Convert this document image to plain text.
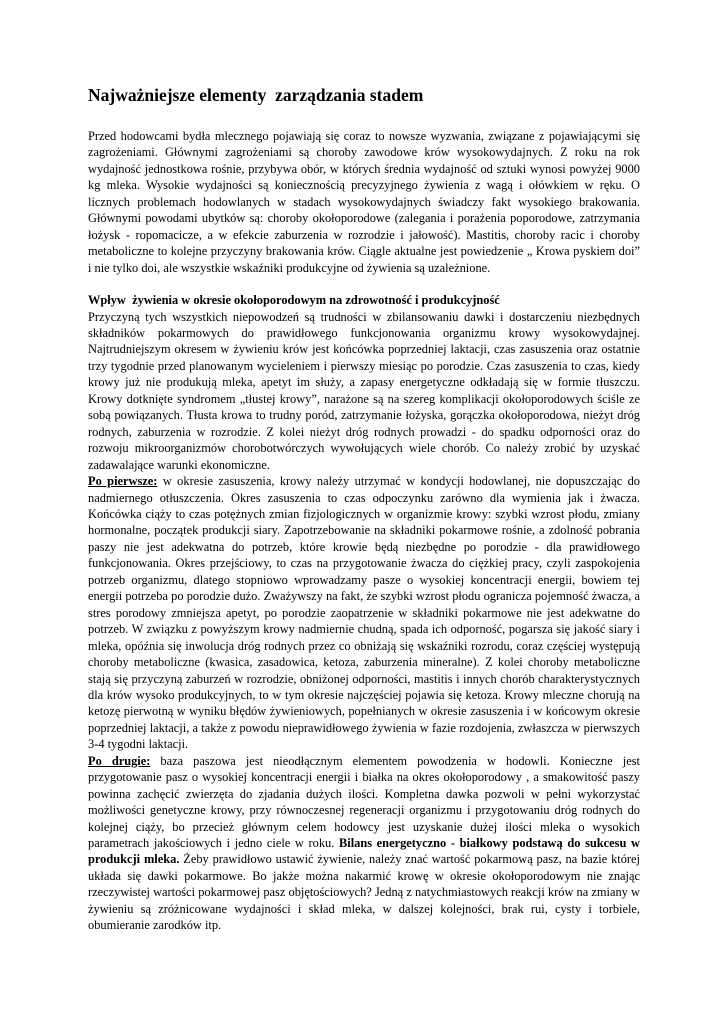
Najważniejsze elementy  zarządzania stadem

Przed hodowcami bydła mlecznego pojawiają się coraz to nowsze wyzwania, związane z pojawiającymi się zagrożeniami. Głównymi zagrożeniami są choroby zawodowe krów wysokowydajnych. Z roku na rok wydajność jednostkowa rośnie, przybywa obór, w których średnia wydajność od sztuki wynosi powyżej 9000 kg mleka. Wysokie wydajności są koniecznością precyzyjnego żywienia z wagą i ołówkiem w ręku. O licznych problemach hodowlanych w stadach wysokowydajnych świadczy fakt wysokiego brakowania. Głównymi powodami ubytków są: choroby okołoporodowe (zalegania i porażenia poporodowe, zatrzymania łożysk - ropomacicze, a w efekcie zaburzenia w rozrodzie i jałowość). Mastitis, choroby racic i choroby metaboliczne to kolejne przyczyny brakowania krów. Ciągle aktualne jest powiedzenie „ Krowa pyskiem doi” i nie tylko doi, ale wszystkie wskaźniki produkcyjne od żywienia są uzależnione.

Wpływ  żywienia w okresie okołoporodowym na zdrowotność i produkcyjność

Przyczyną tych wszystkich niepowodzeń są trudności w zbilansowaniu dawki i dostarczeniu niezbędnych składników pokarmowych do prawidłowego funkcjonowania organizmu krowy wysokowydajnej. Najtrudniejszym okresem w żywieniu krów jest końcówka poprzedniej laktacji, czas zasuszenia oraz ostatnie trzy tygodnie przed planowanym wycieleniem i pierwszy miesiąc po porodzie. Czas zasuszenia to czas, kiedy krowy już nie produkują mleka, apetyt im służy, a zapasy energetyczne odkładają się w formie tłuszczu. Krowy dotknięte syndromem „tłustej krowy”, narażone są na szereg komplikacji okołoporodowych ściśle ze sobą powiązanych. Tłusta krowa to trudny poród, zatrzymanie łożyska, gorączka okołoporodowa, nieżyt dróg rodnych, zaburzenia w rozrodzie. Z kolei nieżyt dróg rodnych prowadzi - do spadku odporności oraz do rozwoju mikroorganizmów chorobotwórczych wywołujących wiele chorób. Co należy zrobić by uzyskać zadawalające warunki ekonomiczne.

Po pierwsze: w okresie zasuszenia, krowy należy utrzymać w kondycji hodowlanej, nie dopuszczając do nadmiernego otłuszczenia. Okres zasuszenia to czas odpoczynku zarówno dla wymienia jak i żwacza. Końcówka ciąży to czas potężnych zmian fizjologicznych w organizmie krowy: szybki wzrost płodu, zmiany hormonalne, początek produkcji siary. Zapotrzebowanie na składniki pokarmowe rośnie, a zdolność pobrania paszy nie jest adekwatna do potrzeb, które krowie będą niezbędne po porodzie - dla prawidłowego funkcjonowania. Okres przejściowy, to czas na przygotowanie żwacza do ciężkiej pracy, czyli zaspokojenia potrzeb organizmu, dlatego stopniowo wprowadzamy pasze o wysokiej koncentracji energii, bowiem tej energii potrzeba po porodzie dużo. Zważywszy na fakt, że szybki wzrost płodu ogranicza pojemność żwacza, a stres porodowy zmniejsza apetyt, po porodzie zaopatrzenie w składniki pokarmowe nie jest adekwatne do potrzeb. W związku z powyższym krowy nadmiernie chudną, spada ich odporność, pogarsza się jakość siary i mleka, opóźnia się inwolucja dróg rodnych przez co obniżają się wskaźniki rozrodu, coraz częściej występują choroby metaboliczne (kwasica, zasadowica, ketoza, zaburzenia mineralne). Z kolei choroby metaboliczne stają się przyczyną zaburzeń w rozrodzie, obniżonej odporności, mastitis i innych chorób charakterystycznych dla krów wysoko produkcyjnych, to w tym okresie najczęściej pojawia się ketoza. Krowy mleczne chorują na ketozę pierwotną w wyniku błędów żywieniowych, popełnianych w okresie zasuszenia i w końcowym okresie poprzedniej laktacji, a także z powodu nieprawidłowego żywienia w fazie rozdojenia, zwłaszcza w pierwszych 3-4 tygodni laktacji.

Po drugie: baza paszowa jest nieodłącznym elementem powodzenia w hodowli. Konieczne jest przygotowanie pasz o wysokiej koncentracji energii i białka na okres okołoporodowy , a smakowitość paszy powinna zachęcić zwierzęta do zjadania dużych ilości. Kompletna dawka pozwoli w pełni wykorzystać możliwości genetyczne krowy, przy równoczesnej regeneracji organizmu i przygotowaniu dróg rodnych do kolejnej ciąży, bo przecież głównym celem hodowcy jest uzyskanie dużej ilości mleka o wysokich parametrach jakościowych i jedno ciele w roku. Bilans energetyczno - białkowy podstawą do sukcesu w produkcji mleka. Żeby prawidłowo ustawić żywienie, należy znać wartość pokarmową pasz, na bazie której układa się dawki pokarmowe. Bo jakże można nakarmić krowę w okresie okołoporodowym nie znając rzeczywistej wartości pokarmowej pasz objętościowych? Jedną z natychmiastowych reakcji krów na zmiany w żywieniu są zróżnicowane wydajności i skład mleka, w dalszej kolejności, brak rui, cysty i torbiele, obumieranie zarodków itp.
